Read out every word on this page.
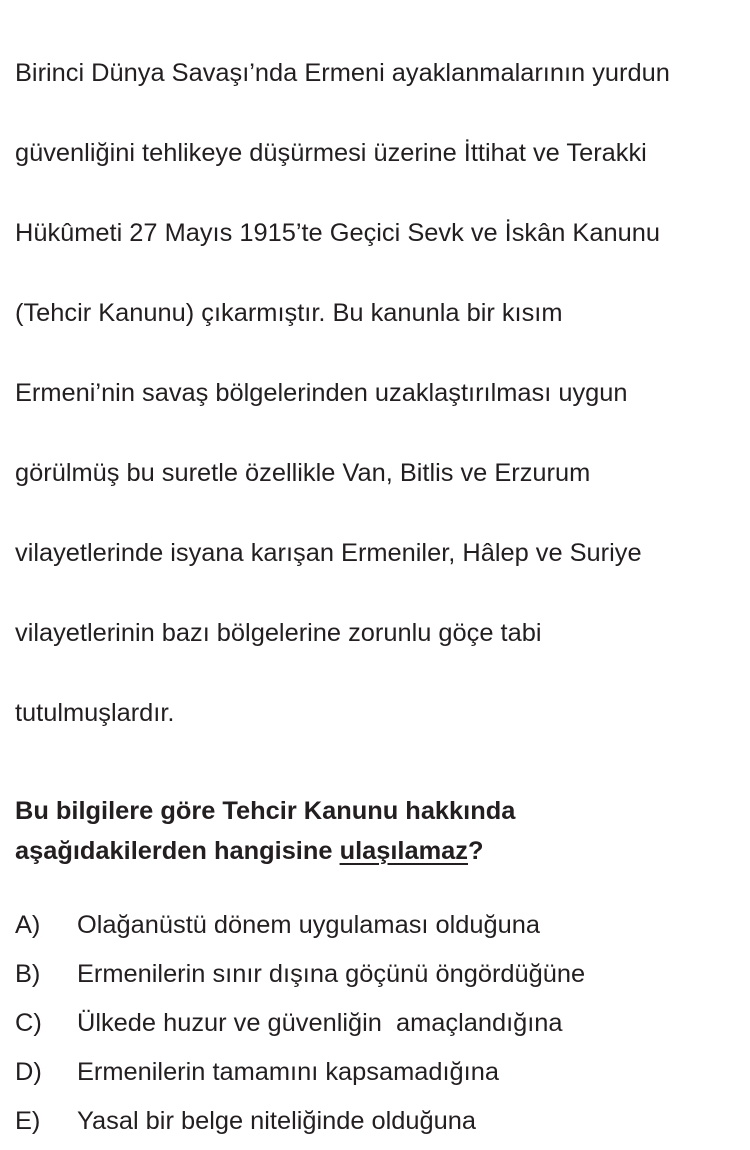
Birinci Dünya Savaşı’nda Ermeni ayaklanmalarının yurdun

güvenliğini tehlikeye düşürmesi üzerine İttihat ve Terakki

Hükûmeti 27 Mayıs 1915’te Geçici Sevk ve İskân Kanunu

(Tehcir Kanunu) çıkarmıştır. Bu kanunla bir kısım

Ermeni’nin savaş bölgelerinden uzaklaştırılması uygun

görülmüş bu suretle özellikle Van, Bitlis ve Erzurum

vilayetlerinde isyana karışan Ermeniler, Hâlep ve Suriye

vilayetlerinin bazı bölgelerine zorunlu göçe tabi

tutulmuşlardır.

Bu bilgilere göre Tehcir Kanunu hakkında
aşağıdakilerden hangisine ulaşılamaz?
A)	Olağanüstü dönem uygulaması olduğuna
B)	Ermenilerin sınır dışına göçünü öngördüğüne
C)	Ülkede huzur ve güvenliğin  amaçlandığına
D)	Ermenilerin tamamını kapsamadığına
E)	Yasal bir belge niteliğinde olduğuna
